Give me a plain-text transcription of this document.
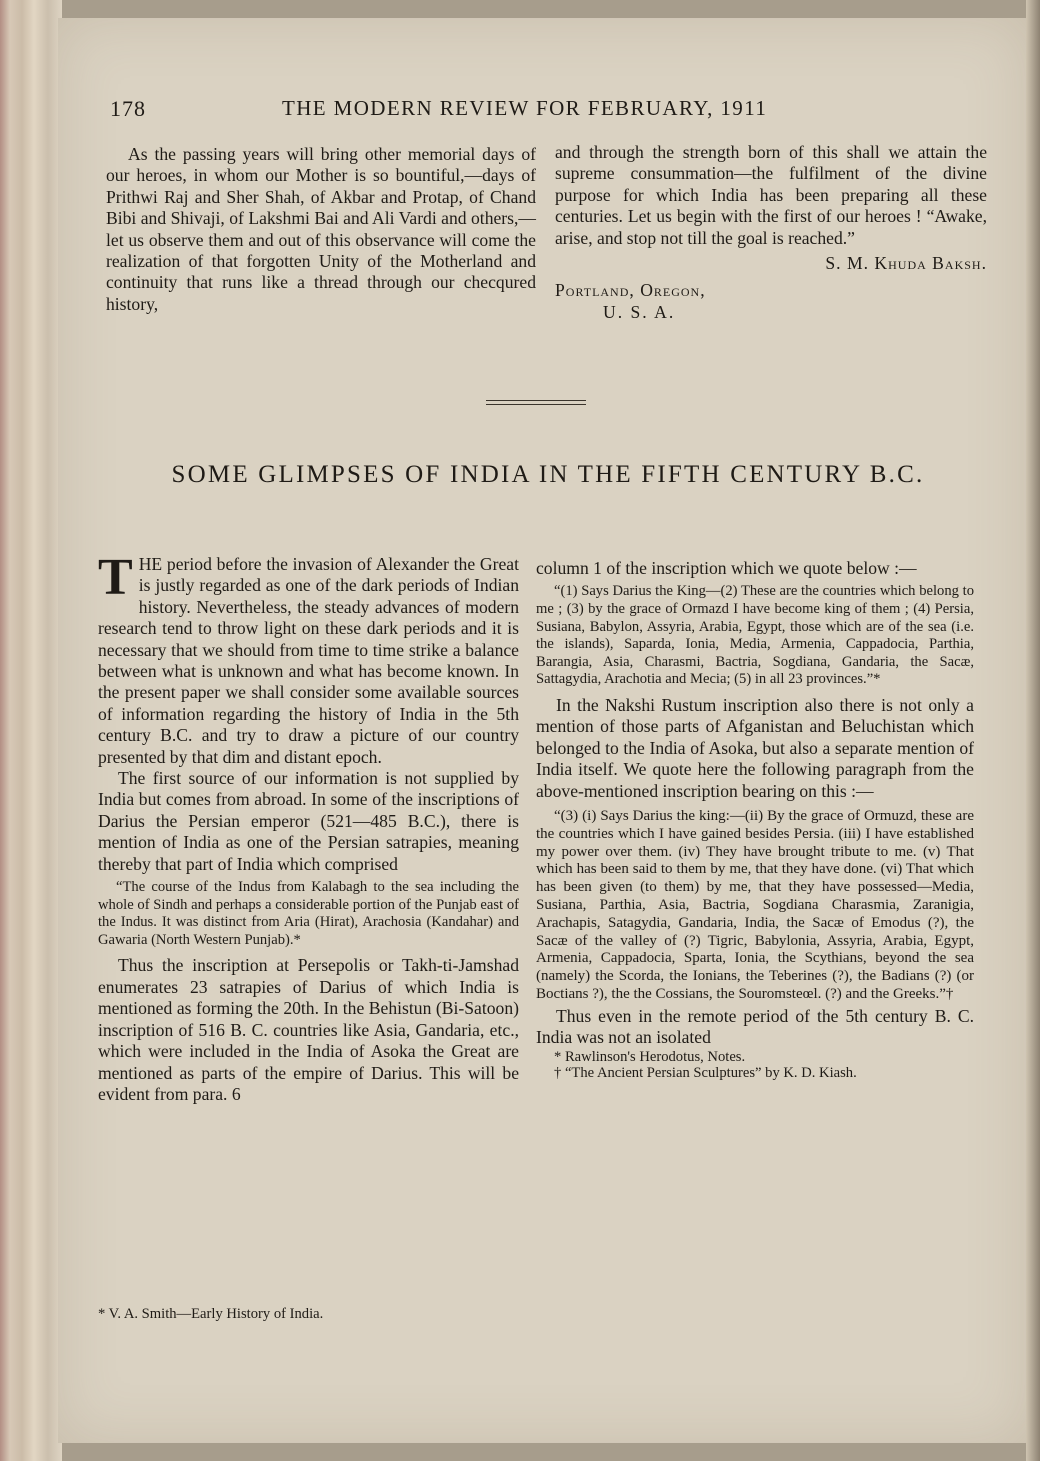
178	THE MODERN REVIEW FOR FEBRUARY, 1911

As the passing years will bring other memorial days of our heroes, in whom our Mother is so bountiful,—days of Prithwi Raj and Sher Shah, of Akbar and Protap, of Chand Bibi and Shivaji, of Lakshmi Bai and Ali Vardi and others,—let us observe them and out of this observance will come the realization of that forgotten Unity of the Motherland and continuity that runs like a thread through our checqured history,

and through the strength born of this shall we attain the supreme consummation—the fulfilment of the divine purpose for which India has been preparing all these centuries. Let us begin with the first of our heroes ! “Awake, arise, and stop not till the goal is reached.”

S. M. Khuda Baksh.
Portland, Oregon,
U. S. A.
SOME GLIMPSES OF INDIA IN THE FIFTH CENTURY B.C.

THE period before the invasion of Alexander the Great is justly regarded as one of the dark periods of Indian history. Nevertheless, the steady advances of modern research tend to throw light on these dark periods and it is necessary that we should from time to time strike a balance between what is unknown and what has become known. In the present paper we shall consider some available sources of information regarding the history of India in the 5th century B.C. and try to draw a picture of our country presented by that dim and distant epoch.

The first source of our information is not supplied by India but comes from abroad. In some of the inscriptions of Darius the Persian emperor (521—485 B.C.), there is mention of India as one of the Persian satrapies, meaning thereby that part of India which comprised

“The course of the Indus from Kalabagh to the sea including the whole of Sindh and perhaps a considerable portion of the Punjab east of the Indus. It was distinct from Aria (Hirat), Arachosia (Kandahar) and Gawaria (North Western Punjab).*

Thus the inscription at Persepolis or Takh-ti-Jamshad enumerates 23 satrapies of Darius of which India is mentioned as forming the 20th. In the Behistun (Bi-Satoon) inscription of 516 B. C. countries like Asia, Gandaria, etc., which were included in the India of Asoka the Great are mentioned as parts of the empire of Darius. This will be evident from para. 6

* V. A. Smith—Early History of India.

column 1 of the inscription which we quote below :—

“(1) Says Darius the King—(2) These are the countries which belong to me ; (3) by the grace of Ormazd I have become king of them ; (4) Persia, Susiana, Babylon, Assyria, Arabia, Egypt, those which are of the sea (i.e. the islands), Saparda, Ionia, Media, Armenia, Cappadocia, Parthia, Barangia, Asia, Charasmi, Bactria, Sogdiana, Gandaria, the Sacæ, Sattagydia, Arachotia and Mecia; (5) in all 23 provinces.”*

In the Nakshi Rustum inscription also there is not only a mention of those parts of Afganistan and Beluchistan which belonged to the India of Asoka, but also a separate mention of India itself. We quote here the following paragraph from the above-mentioned inscription bearing on this :—

“(3) (i) Says Darius the king:—(ii) By the grace of Ormuzd, these are the countries which I have gained besides Persia. (iii) I have established my power over them. (iv) They have brought tribute to me. (v) That which has been said to them by me, that they have done. (vi) That which has been given (to them) by me, that they have possessed—Media, Susiana, Parthia, Asia, Bactria, Sogdiana Charasmia, Zaranigia, Arachapis, Satagydia, Gandaria, India, the Sacæ of Emodus (?), the Sacæ of the valley of (?) Tigric, Babylonia, Assyria, Arabia, Egypt, Armenia, Cappadocia, Sparta, Ionia, the Scythians, beyond the sea (namely) the Scorda, the Ionians, the Teberines (?), the Badians (?) (or Boctians ?), the the Cossians, the Souromsteœl. (?) and the Greeks.”†

Thus even in the remote period of the 5th century B. C. India was not an isolated

* Rawlinson's Herodotus, Notes.
† “The Ancient Persian Sculptures” by K. D. Kiash.
